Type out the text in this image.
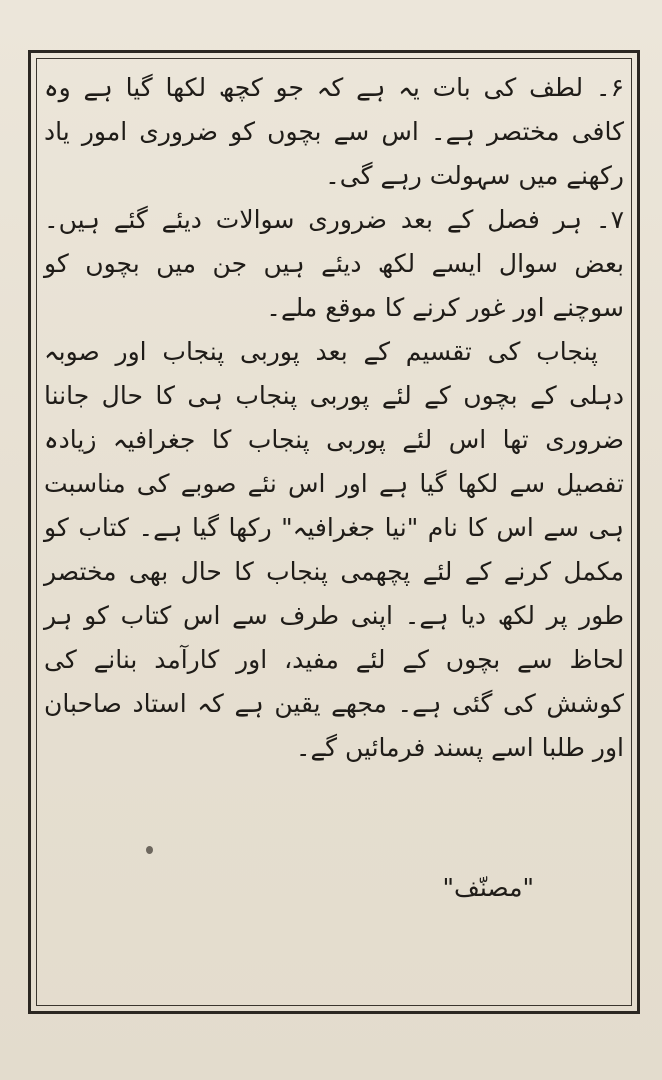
۶۔ لطف کی بات یہ ہے کہ جو کچھ لکھا گیا ہے وہ کافی مختصر ہے۔ اس سے بچوں کو ضروری امور یاد رکھنے میں سہولت رہے گی۔

۷۔ ہر فصل کے بعد ضروری سوالات دیئے گئے ہیں۔ بعض سوال ایسے لکھ دیئے ہیں جن میں بچوں کو سوچنے اور غور کرنے کا موقع ملے۔

پنجاب کی تقسیم کے بعد پوربی پنجاب اور صوبہ دہلی کے بچوں کے لئے پوربی پنجاب ہی کا حال جاننا ضروری تھا اس لئے پوربی پنجاب کا جغرافیہ زیادہ تفصیل سے لکھا گیا ہے اور اس نئے صوبے کی مناسبت ہی سے اس کا نام "نیا جغرافیہ" رکھا گیا ہے۔ کتاب کو مکمل کرنے کے لئے پچھمی پنجاب کا حال بھی مختصر طور پر لکھ دیا ہے۔ اپنی طرف سے اس کتاب کو ہر لحاظ سے بچوں کے لئے مفید، اور کارآمد بنانے کی کوشش کی گئی ہے۔ مجھے یقین ہے کہ استاد صاحبان اور طلبا اسے پسند فرمائیں گے۔

"مصنّف"
